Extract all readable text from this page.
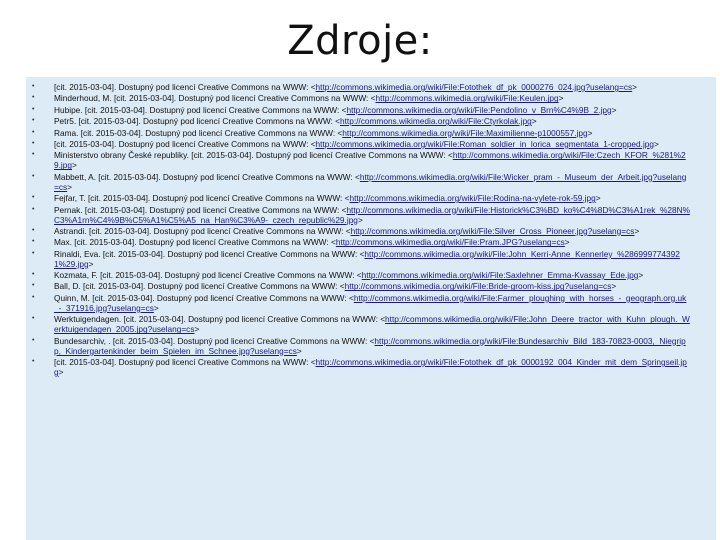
Zdroje:
• [cit. 2015-03-04]. Dostupný pod licencí Creative Commons na WWW: <http://commons.wikimedia.org/wiki/File:Fotothek_df_pk_0000276_024.jpg?uselang=cs>
• Minderhoud, M. [cit. 2015-03-04]. Dostupný pod licencí Creative Commons na WWW: <http://commons.wikimedia.org/wiki/File:Keulen.jpg>
• Hubipe. [cit. 2015-03-04]. Dostupný pod licencí Creative Commons na WWW: <http://commons.wikimedia.org/wiki/File:Pendolino_v_Brn%C4%9B_2.jpg>
• Petr5. [cit. 2015-03-04]. Dostupný pod licencí Creative Commons na WWW: <http://commons.wikimedia.org/wiki/File:Ctyrkolak.jpg>
• Rama. [cit. 2015-03-04]. Dostupný pod licencí Creative Commons na WWW: <http://commons.wikimedia.org/wiki/File:Maximilienne-p1000557.jpg>
• [cit. 2015-03-04]. Dostupný pod licencí Creative Commons na WWW: <http://commons.wikimedia.org/wiki/File:Roman_soldier_in_lorica_segmentata_1-cropped.jpg>
• Ministerstvo obrany České republiky. [cit. 2015-03-04]. Dostupný pod licencí Creative Commons na WWW: <http://commons.wikimedia.org/wiki/File:Czech_KFOR_%281%29.jpg>
• Mabbett, A. [cit. 2015-03-04]. Dostupný pod licencí Creative Commons na WWW: <http://commons.wikimedia.org/wiki/File:Wicker_pram_-_Museum_der_Arbeit.jpg?uselang=cs>
• Fejfar, T. [cit. 2015-03-04]. Dostupný pod licencí Creative Commons na WWW: <http://commons.wikimedia.org/wiki/File:Rodina-na-vylete-rok-59.jpg>
• Pernak. [cit. 2015-03-04]. Dostupný pod licencí Creative Commons na WWW: <http://commons.wikimedia.org/wiki/File:Historick%C3%BD_ko%C4%8D%C3%A1rek_%28N%C3%A1rn%C4%9B%C5%A1%C5%A5_na_Han%C3%A9-_czech_republic%29.jpg>
• Astrandi. [cit. 2015-03-04]. Dostupný pod licencí Creative Commons na WWW: <http://commons.wikimedia.org/wiki/File:Silver_Cross_Pioneer.jpg?uselang=cs>
• Max. [cit. 2015-03-04]. Dostupný pod licencí Creative Commons na WWW: <http://commons.wikimedia.org/wiki/File:Pram.JPG?uselang=cs>
• Rinaldi, Eva. [cit. 2015-03-04]. Dostupný pod licencí Creative Commons na WWW: <http://commons.wikimedia.org/wiki/File:John_Kerri-Anne_Kennerley_%2869997743921%29.jpg>
• Kozmata, F. [cit. 2015-03-04]. Dostupný pod licencí Creative Commons na WWW: <http://commons.wikimedia.org/wiki/File:Saxlehner_Emma-Kvassay_Ede.jpg>
• Ball, D. [cit. 2015-03-04]. Dostupný pod licencí Creative Commons na WWW: <http://commons.wikimedia.org/wiki/File:Bride-groom-kiss.jpg?uselang=cs>
• Quinn, M. [cit. 2015-03-04]. Dostupný pod licencí Creative Commons na WWW: <http://commons.wikimedia.org/wiki/File:Farmer_ploughing_with_horses_-_geograph.org.uk_-_371916.jpg?uselang=cs>
• Werktuigendagen. [cit. 2015-03-04]. Dostupný pod licencí Creative Commons na WWW: <http://commons.wikimedia.org/wiki/File:John_Deere_tractor_with_Kuhn_plough._Werktuigendagen_2005.jpg?uselang=cs>
• Bundesarchiv, . [cit. 2015-03-04]. Dostupný pod licencí Creative Commons na WWW: <http://commons.wikimedia.org/wiki/File:Bundesarchiv_Bild_183-70823-0003,_Niegripp,_Kindergartenkinder_beim_Spielen_im_Schnee.jpg?uselang=cs>
• [cit. 2015-03-04]. Dostupný pod licencí Creative Commons na WWW: <http://commons.wikimedia.org/wiki/File:Fotothek_df_pk_0000192_004_Kinder_mit_dem_Springseil.jpg>
